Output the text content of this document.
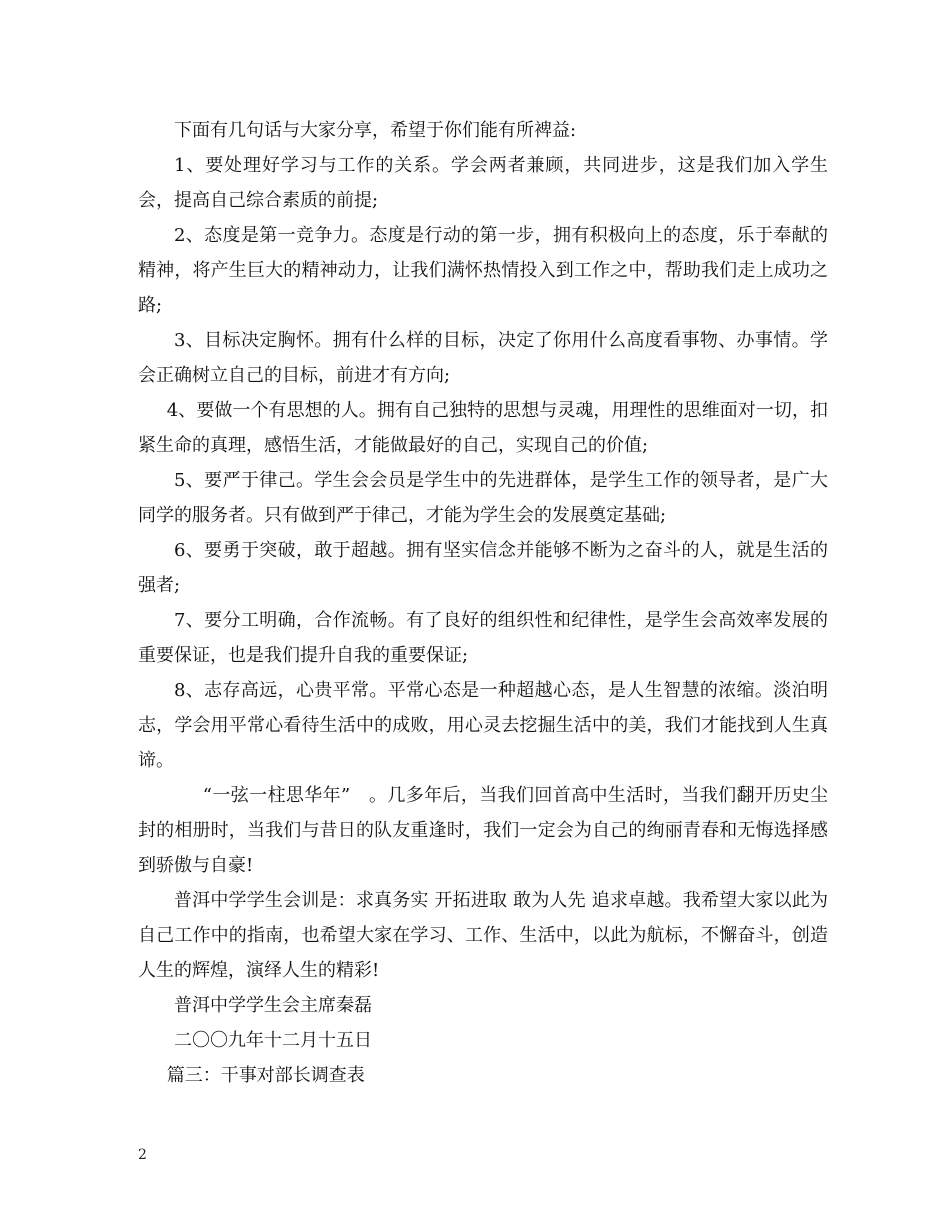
下面有几句话与大家分享，希望于你们能有所裨益:

1、要处理好学习与工作的关系。学会两者兼顾，共同进步，这是我们加入学生会，提高自己综合素质的前提;

2、态度是第一竞争力。态度是行动的第一步，拥有积极向上的态度，乐于奉献的精神，将产生巨大的精神动力，让我们满怀热情投入到工作之中，帮助我们走上成功之路;

3、目标决定胸怀。拥有什么样的目标，决定了你用什么高度看事物、办事情。学会正确树立自己的目标，前进才有方向;

4、要做一个有思想的人。拥有自己独特的思想与灵魂，用理性的思维面对一切，扣紧生命的真理，感悟生活，才能做最好的自己，实现自己的价值;

5、要严于律己。学生会会员是学生中的先进群体，是学生工作的领导者，是广大同学的服务者。只有做到严于律己，才能为学生会的发展奠定基础;

6、要勇于突破，敢于超越。拥有坚实信念并能够不断为之奋斗的人，就是生活的强者;

7、要分工明确，合作流畅。有了良好的组织性和纪律性，是学生会高效率发展的重要保证，也是我们提升自我的重要保证;

8、志存高远，心贵平常。平常心态是一种超越心态，是人生智慧的浓缩。淡泊明志，学会用平常心看待生活中的成败，用心灵去挖掘生活中的美，我们才能找到人生真谛。

“一弦一柱思华年”　。几多年后，当我们回首高中生活时，当我们翻开历史尘封的相册时，当我们与昔日的队友重逢时，我们一定会为自己的绚丽青春和无悔选择感到骄傲与自豪!

普洱中学学生会训是：求真务实 开拓进取 敢为人先 追求卓越。我希望大家以此为自己工作中的指南，也希望大家在学习、工作、生活中，以此为航标，不懈奋斗，创造人生的辉煌，演绎人生的精彩!

普洱中学学生会主席秦磊

二〇〇九年十二月十五日

篇三：干事对部长调查表

2
